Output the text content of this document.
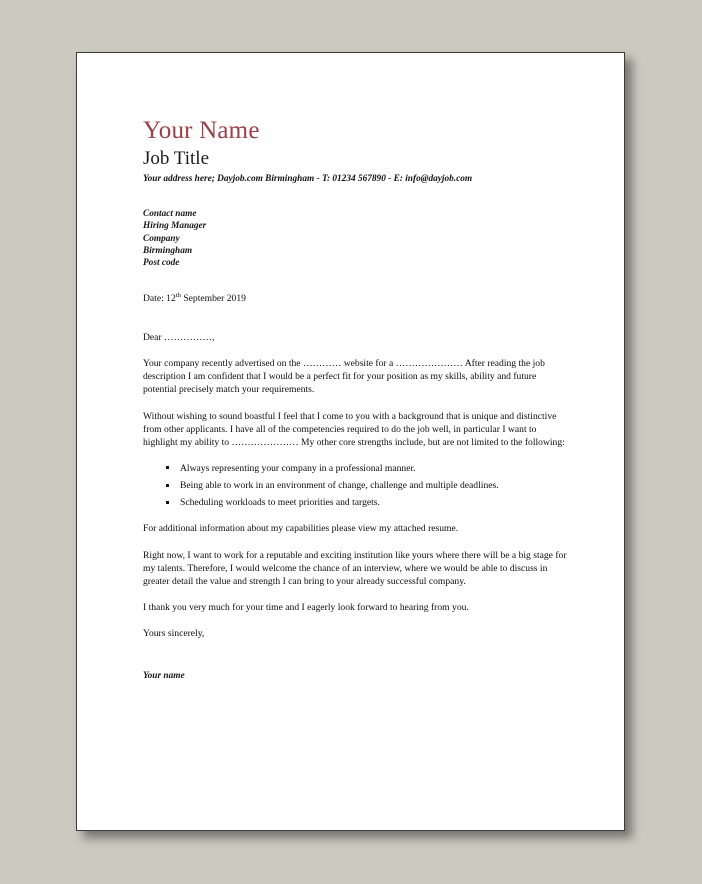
Your Name
Job Title
Your address here; Dayjob.com Birmingham - T: 01234 567890 - E: info@dayjob.com
Contact name
Hiring Manager
Company
Birmingham
Post code
Date: 12th September 2019

Dear ……………,

Your company recently advertised on the ………… website for a ………………… After reading the job description I am confident that I would be a perfect fit for your position as my skills, ability and future potential precisely match your requirements.

Without wishing to sound boastful I feel that I come to you with a background that is unique and distinctive from other applicants. I have all of the competencies required to do the job well, in particular I want to highlight my ability to ………………… My other core strengths include, but are not limited to the following:

Always representing your company in a professional manner.
Being able to work in an environment of change, challenge and multiple deadlines.
Scheduling workloads to meet priorities and targets.

For additional information about my capabilities please view my attached resume.

Right now, I want to work for a reputable and exciting institution like yours where there will be a big stage for my talents. Therefore, I would welcome the chance of an interview, where we would be able to discuss in greater detail the value and strength I can bring to your already successful company.

I thank you very much for your time and I eagerly look forward to hearing from you.

Yours sincerely,

Your name
